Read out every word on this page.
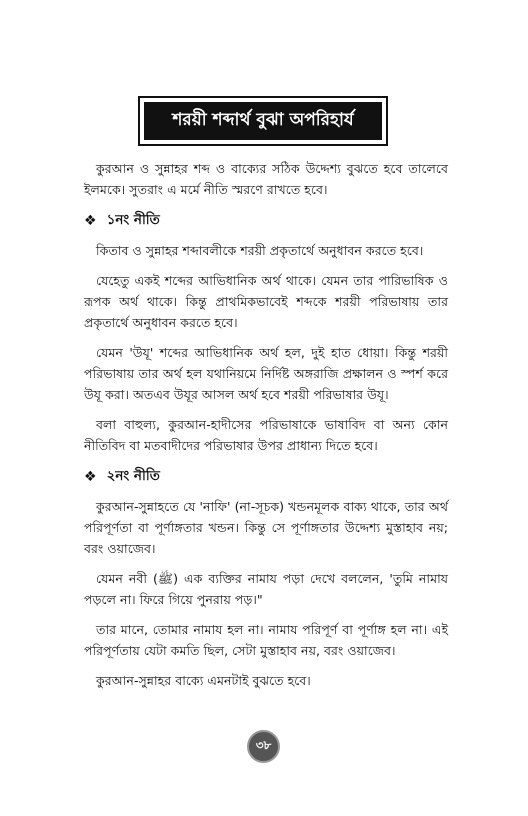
শরয়ী শব্দার্থ বুঝা অপরিহার্য

কুরআন ও সুন্নাহর শব্দ ও বাক্যের সঠিক উদ্দেশ্য বুঝতে হবে তালেবে ইলমকে। সুতরাং এ মর্মে নীতি স্মরণে রাখতে হবে।

❖ ১নং নীতি

কিতাব ও সুন্নাহর শব্দাবলীকে শরয়ী প্রকৃতার্থে অনুধাবন করতে হবে।

যেহেতু একই শব্দের আভিধানিক অর্থ থাকে। যেমন তার পারিভাষিক ও রূপক অর্থ থাকে। কিন্তু প্রাথমিকভাবেই শব্দকে শরয়ী পরিভাষায় তার প্রকৃতার্থে অনুধাবন করতে হবে।

যেমন 'উযূ' শব্দের আভিধানিক অর্থ হল, দুই হাত ধোয়া। কিন্তু শরয়ী পরিভাষায় তার অর্থ হল যথানিয়মে নির্দিষ্ট অঙ্গরাজি প্রক্ষালন ও স্পর্শ করে উযূ করা। অতএব উযূর আসল অর্থ হবে শরয়ী পরিভাষার উযূ।

বলা বাহুল্য, কুরআন-হাদীসের পরিভাষাকে ভাষাবিদ বা অন্য কোন নীতিবিদ বা মতবাদীদের পরিভাষার উপর প্রাধান্য দিতে হবে।

❖ ২নং নীতি

কুরআন-সুন্নাহতে যে 'নাফি' (না-সূচক) খন্ডনমূলক বাক্য থাকে, তার অর্থ পরিপূর্ণতা বা পূর্ণাঙ্গতার খন্ডন। কিন্তু সে পূর্ণাঙ্গতার উদ্দেশ্য মুস্তাহাব নয়; বরং ওয়াজেব।

যেমন নবী (ﷺ) এক ব্যক্তির নামায পড়া দেখে বললেন, 'তুমি নামায পড়লে না। ফিরে গিয়ে পুনরায় পড়।"

তার মানে, তোমার নামায হল না। নামায পরিপূর্ণ বা পূর্ণাঙ্গ হল না। এই পরিপূর্ণতায় যেটা কমতি ছিল, সেটা মুস্তাহাব নয়, বরং ওয়াজেব।

কুরআন-সুন্নাহর বাক্যে এমনটাই বুঝতে হবে।

৩৮
